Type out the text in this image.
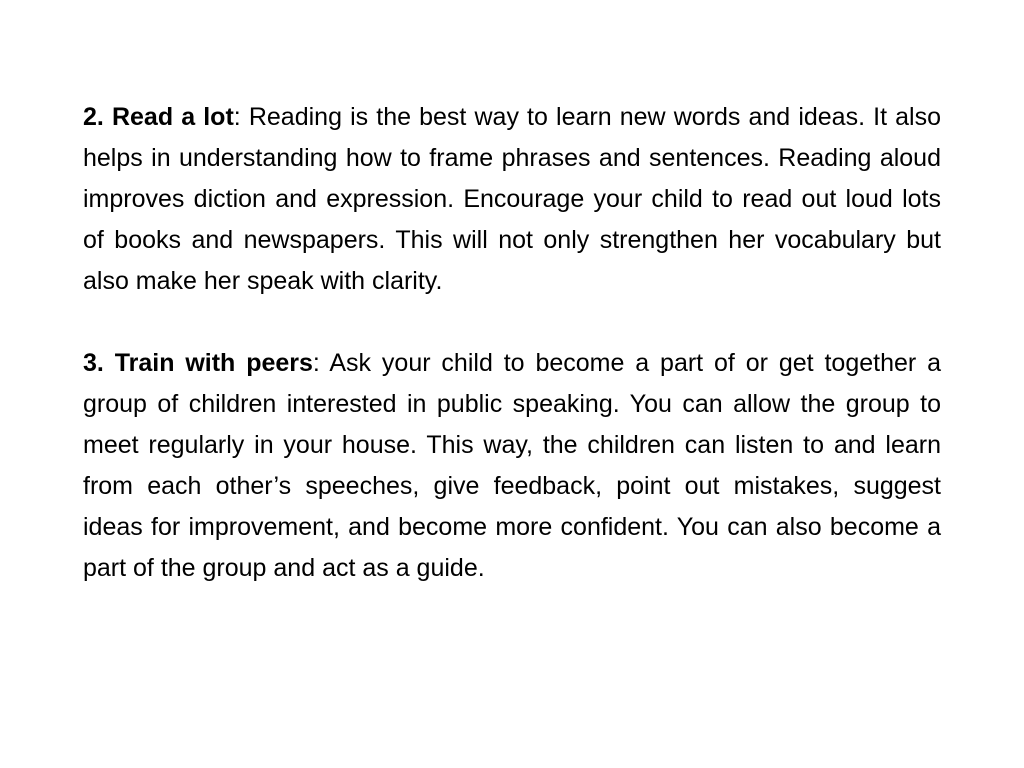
2. Read a lot: Reading is the best way to learn new words and ideas. It also helps in understanding how to frame phrases and sentences. Reading aloud improves diction and expression. Encourage your child to read out loud lots of books and newspapers. This will not only strengthen her vocabulary but also make her speak with clarity.

3. Train with peers: Ask your child to become a part of or get together a group of children interested in public speaking. You can allow the group to meet regularly in your house. This way, the children can listen to and learn from each other’s speeches, give feedback, point out mistakes, suggest ideas for improvement, and become more confident. You can also become a part of the group and act as a guide.
